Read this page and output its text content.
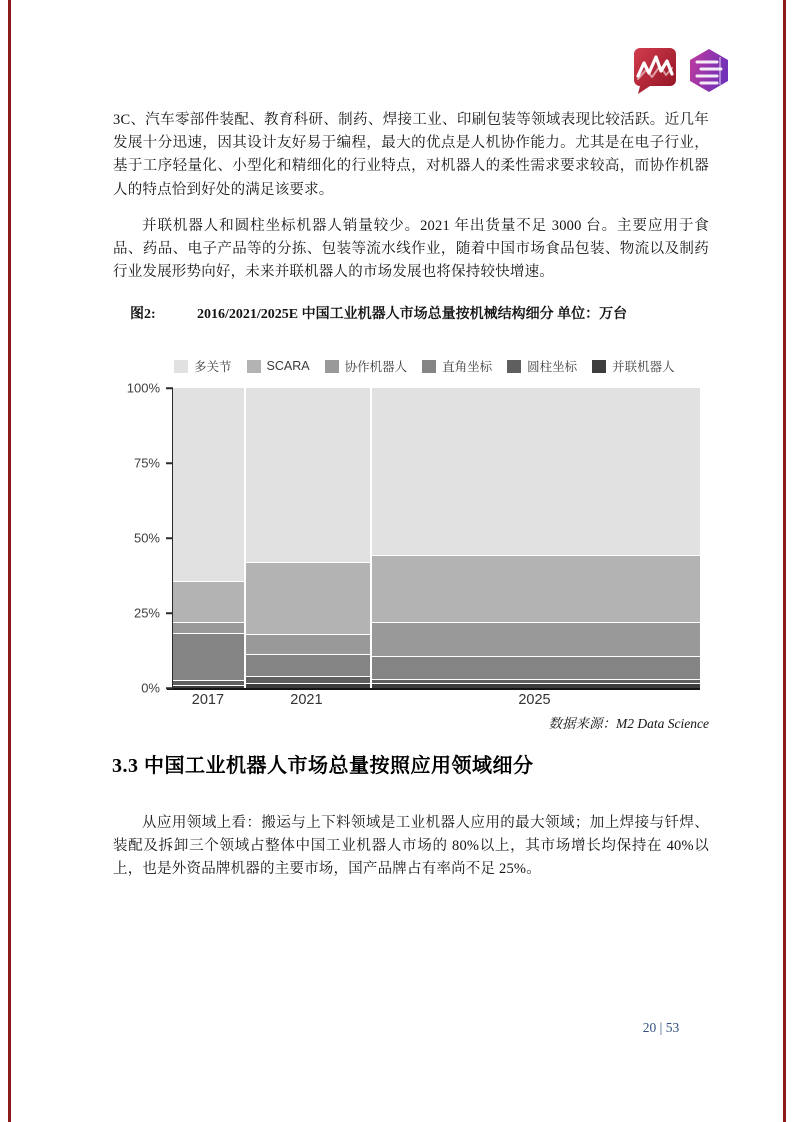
3C、汽车零部件装配、教育科研、制药、焊接工业、印刷包装等领域表现比较活跃。近几年发展十分迅速，因其设计友好易于编程，最大的优点是人机协作能力。尤其是在电子行业，基于工序轻量化、小型化和精细化的行业特点，对机器人的柔性需求要求较高，而协作机器人的特点恰到好处的满足该要求。

并联机器人和圆柱坐标机器人销量较少。2021 年出货量不足 3000 台。主要应用于食品、药品、电子产品等的分拣、包装等流水线作业，随着中国市场食品包装、物流以及制药行业发展形势向好，未来并联机器人的市场发展也将保持较快增速。

图2:	2016/2021/2025E 中国工业机器人市场总量按机械结构细分 单位：万台
多关节	SCARA	协作机器人	直角坐标	圆柱坐标	并联机器人
100%
75%
50%
25%
0%
2017	2021	2025
数据来源：M2 Data Science
3.3 中国工业机器人市场总量按照应用领域细分

从应用领域上看：搬运与上下料领域是工业机器人应用的最大领域；加上焊接与钎焊、装配及拆卸三个领域占整体中国工业机器人市场的 80%以上，其市场增长均保持在 40%以上，也是外资品牌机器的主要市场，国产品牌占有率尚不足 25%。

20 | 53
